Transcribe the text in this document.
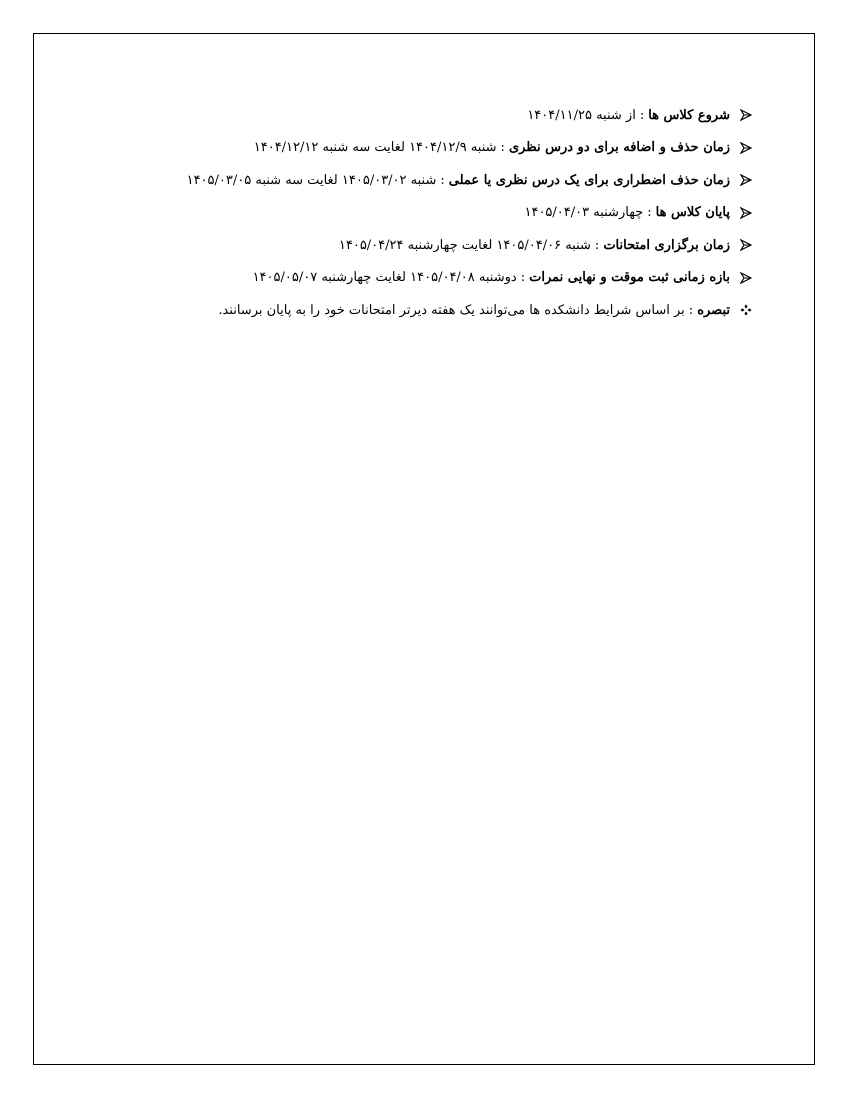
شروع کلاس ها:از شنبه ۱۴۰۴/۱۱/۲۵
زمان حذف و اضافه برای دو درس نظری:شنبه ۱۴۰۴/۱۲/۹ لغایت سه شنبه ۱۴۰۴/۱۲/۱۲
زمان حذف اضطراری برای یک درس نظری یا عملی:شنبه ۱۴۰۵/۰۳/۰۲ لغایت سه شنبه ۱۴۰۵/۰۳/۰۵
پایان کلاس ها:چهارشنبه ۱۴۰۵/۰۴/۰۳
زمان برگزاری امتحانات:شنبه ۱۴۰۵/۰۴/۰۶ لغایت چهارشنبه ۱۴۰۵/۰۴/۲۴
بازه زمانی ثبت موقت و نهایی نمرات:دوشنبه ۱۴۰۵/۰۴/۰۸ لغایت چهارشنبه ۱۴۰۵/۰۵/۰۷
تبصره:بر اساس شرایط دانشکده ها می‌توانند یک هفته دیرتر امتحانات خود را به پایان برسانند.
